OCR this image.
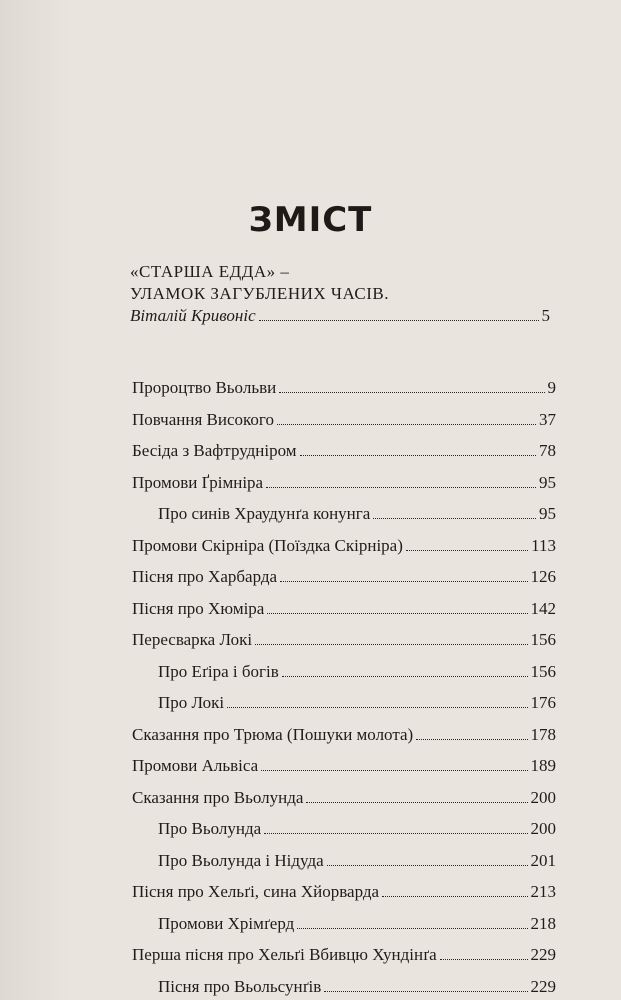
ЗМІСТ
«СТАРША ЕДДА» –
УЛАМОК ЗАГУБЛЕНИХ ЧАСІВ.
Віталій Кривоніс	5
Пророцтво Вьольви	9
Повчання Високого	37
Бесіда з Вафтрудніром	78
Промови Ґрімніра	95
Про синів Храудунґа конунга	95
Промови Скірніра (Поїздка Скірніра)	113
Пісня про Харбарда	126
Пісня про Хюміра	142
Пересварка Локі	156
Про Еґіра і богів	156
Про Локі	176
Сказання про Трюма (Пошуки молота)	178
Промови Альвіса	189
Сказання про Вьолунда	200
Про Вьолунда	200
Про Вьолунда і Нідуда	201
Пісня про Хельґі, сина Хйорварда	213
Промови Хрімґерд	218
Перша пісня про Хельґі Вбивцю Хундінґа	229
Пісня про Вьольсунґів	229
